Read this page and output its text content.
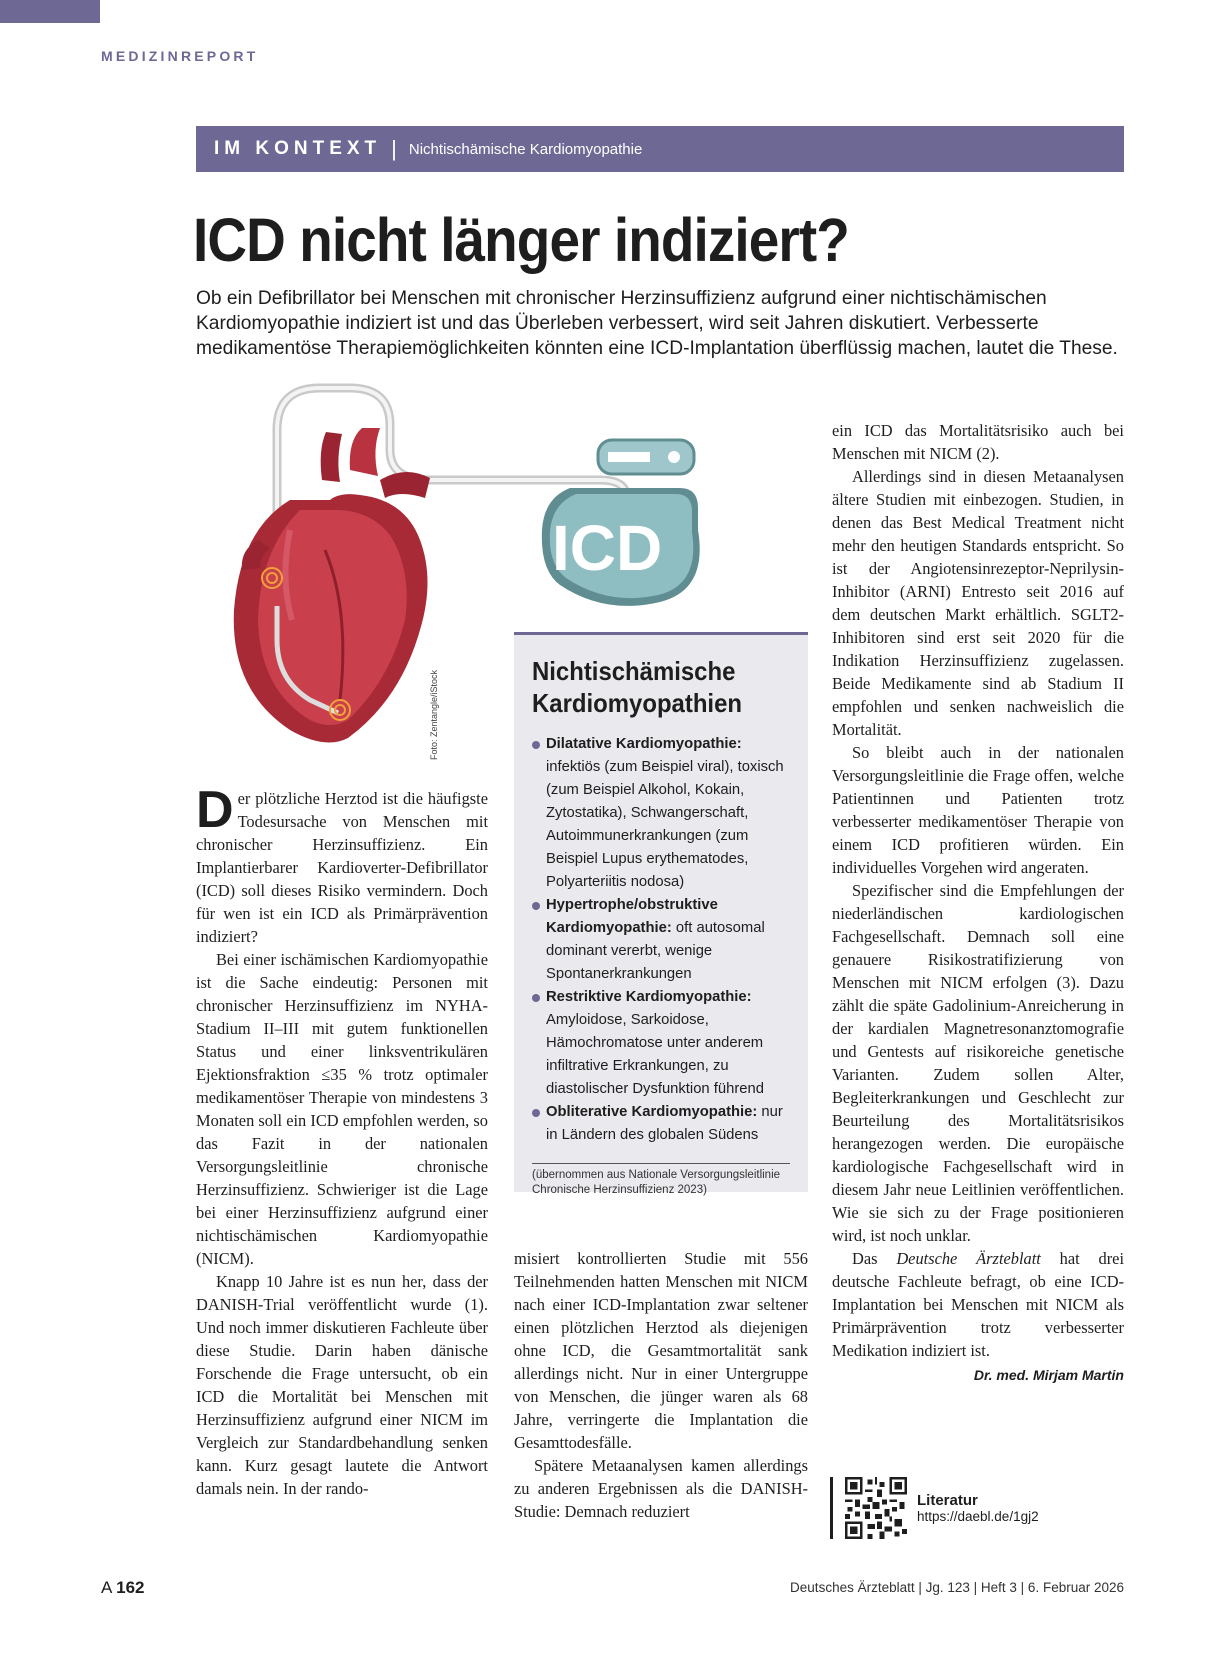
MEDIZINREPORT
IM KONTEXT | Nichtischämische Kardiomyopathie
ICD nicht länger indiziert?

Ob ein Defibrillator bei Menschen mit chronischer Herzinsuffizienz aufgrund einer nichtischämischen Kardiomyopathie indiziert ist und das Überleben verbessert, wird seit Jahren diskutiert. Verbesserte medikamentöse Therapiemöglichkeiten könnten eine ICD-Implantation überflüssig machen, lautet die These.

ICD
Foto: Zentangle/iStock

Der plötzliche Herztod ist die häufigste Todesursache von Menschen mit chronischer Herzinsuffizienz. Ein Implantierbarer Kardioverter-Defibrillator (ICD) soll dieses Risiko vermindern. Doch für wen ist ein ICD als Primärprävention indiziert?

Bei einer ischämischen Kardiomyopathie ist die Sache eindeutig: Personen mit chronischer Herzinsuffizienz im NYHA-Stadium II–III mit gutem funktionellen Status und einer linksventrikulären Ejektionsfraktion ≤35 % trotz optimaler medikamentöser Therapie von mindestens 3 Monaten soll ein ICD empfohlen werden, so das Fazit in der nationalen Versorgungsleitlinie chronische Herzinsuffizienz. Schwieriger ist die Lage bei einer Herzinsuffizienz aufgrund einer nichtischämischen Kardiomyopathie (NICM).

Knapp 10 Jahre ist es nun her, dass der DANISH-Trial veröffentlicht wurde (1). Und noch immer diskutieren Fachleute über diese Studie. Darin haben dänische Forschende die Frage untersucht, ob ein ICD die Mortalität bei Menschen mit Herzinsuffizienz aufgrund einer NICM im Vergleich zur Standardbehandlung senken kann. Kurz gesagt lautete die Antwort damals nein. In der rando-

Nichtischämische Kardiomyopathien
Dilatative Kardiomyopathie: infektiös (zum Beispiel viral), toxisch (zum Beispiel Alkohol, Kokain, Zytostatika), Schwangerschaft, Autoimmunerkrankungen (zum Beispiel Lupus erythematodes, Polyarteriitis nodosa)
Hypertrophe/obstruktive Kardiomyopathie: oft autosomal dominant vererbt, wenige Spontanerkrankungen
Restriktive Kardiomyopathie: Amyloidose, Sarkoidose, Hämochromatose unter anderem infiltrative Erkrankungen, zu diastolischer Dysfunktion führend
Obliterative Kardiomyopathie: nur in Ländern des globalen Südens

(übernommen aus Nationale Versorgungsleitlinie Chronische Herzinsuffizienz 2023)

misiert kontrollierten Studie mit 556 Teilnehmenden hatten Menschen mit NICM nach einer ICD-Implantation zwar seltener einen plötzlichen Herztod als diejenigen ohne ICD, die Gesamtmortalität sank allerdings nicht. Nur in einer Untergruppe von Menschen, die jünger waren als 68 Jahre, verringerte die Implantation die Gesamttodesfälle.

Spätere Metaanalysen kamen allerdings zu anderen Ergebnissen als die DANISH-Studie: Demnach reduziert

ein ICD das Mortalitätsrisiko auch bei Menschen mit NICM (2).

Allerdings sind in diesen Metaanalysen ältere Studien mit einbezogen. Studien, in denen das Best Medical Treatment nicht mehr den heutigen Standards entspricht. So ist der Angiotensinrezeptor-Neprilysin-Inhibitor (ARNI) Entresto seit 2016 auf dem deutschen Markt erhältlich. SGLT2-Inhibitoren sind erst seit 2020 für die Indikation Herzinsuffizienz zugelassen. Beide Medikamente sind ab Stadium II empfohlen und senken nachweislich die Mortalität.

So bleibt auch in der nationalen Versorgungsleitlinie die Frage offen, welche Patientinnen und Patienten trotz verbesserter medikamentöser Therapie von einem ICD profitieren würden. Ein individuelles Vorgehen wird angeraten.

Spezifischer sind die Empfehlungen der niederländischen kardiologischen Fachgesellschaft. Demnach soll eine genauere Risikostratifizierung von Menschen mit NICM erfolgen (3). Dazu zählt die späte Gadolinium-Anreicherung in der kardialen Magnetresonanztomografie und Gentests auf risikoreiche genetische Varianten. Zudem sollen Alter, Begleiterkrankungen und Geschlecht zur Beurteilung des Mortalitätsrisikos herangezogen werden. Die europäische kardiologische Fachgesellschaft wird in diesem Jahr neue Leitlinien veröffentlichen. Wie sie sich zu der Frage positionieren wird, ist noch unklar.

Das Deutsche Ärzteblatt hat drei deutsche Fachleute befragt, ob eine ICD-Implantation bei Menschen mit NICM als Primärprävention trotz verbesserter Medikation indiziert ist.

Dr. med. Mirjam Martin

Literatur
https://daebl.de/1gj2
A 162	Deutsches Ärzteblatt | Jg. 123 | Heft 3 | 6. Februar 2026
